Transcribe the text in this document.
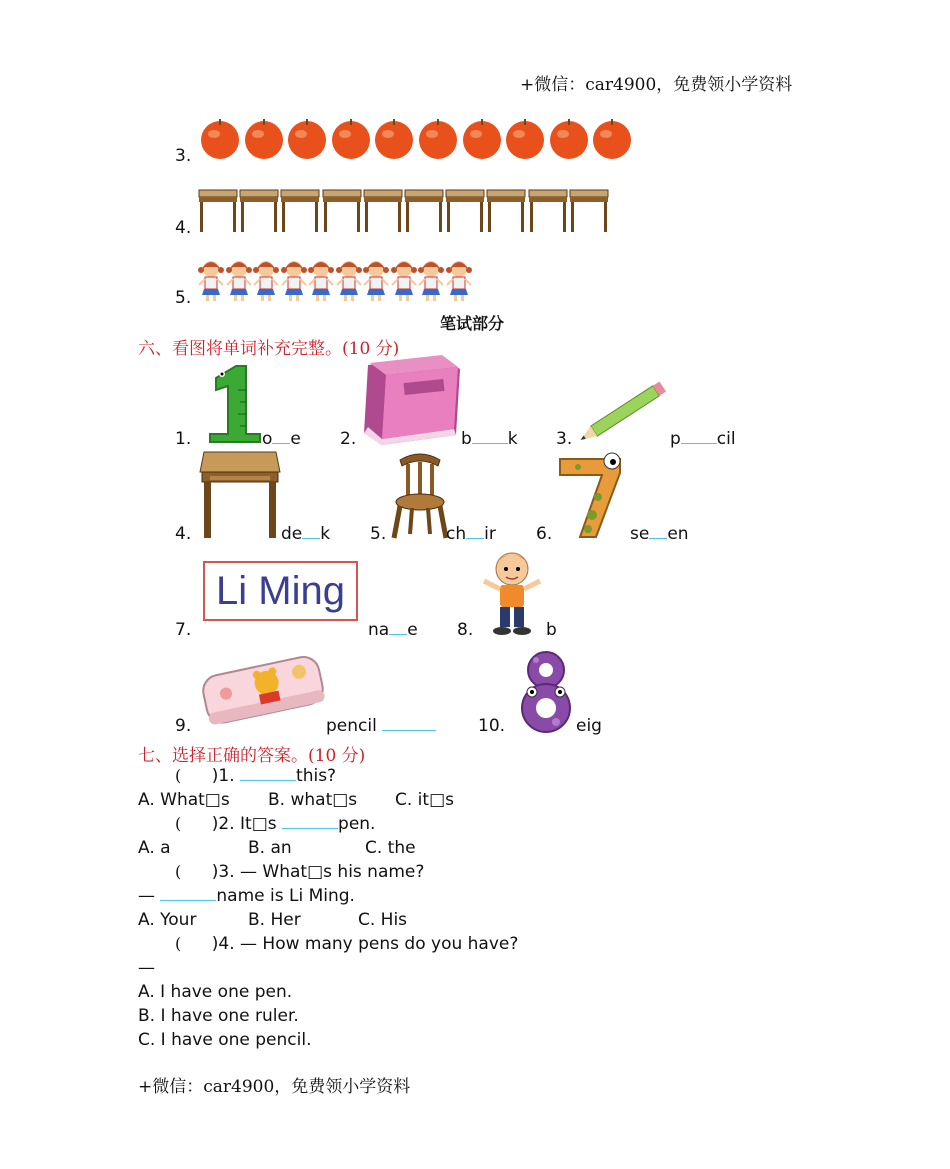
+微信：car4900，免费领小学资料
3.
4.
5.
笔试部分
六、看图将单词补充完整。(10 分)
1.	o e 2.	b k 3.	p cil
4.	de k 5.	ch ir 6.	se en
7.
Li Ming
na e 8.	b
9.	pencil	10.	eig
七、选择正确的答案。(10 分)
(      )1.	this?
A. What□s B. what□s C. it□s
(      )2. It□s	pen.
A. a	B. an	C. the
(      )3. — What□s his name?
—	name is Li Ming.
A. Your	B. Her	C. His
(      )4. — How many pens do you have?
—
A. I have one pen.
B. I have one ruler.
C. I have one pencil.
+微信：car4900，免费领小学资料
